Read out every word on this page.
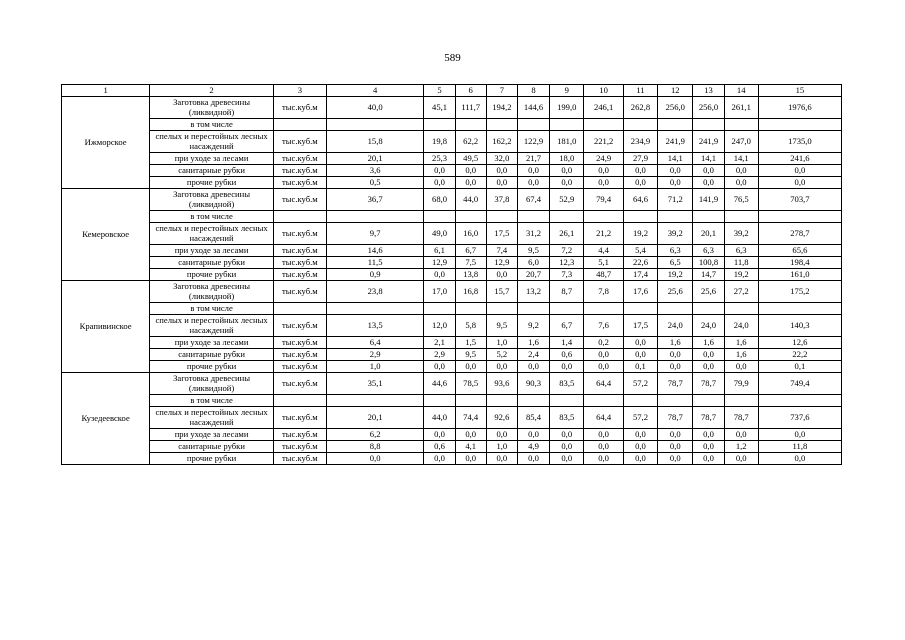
589
1	2	3	4	5	6	7	8	9	10	11	12	13	14	15
Ижморское	Заготовка древесины (ликвидной)	тыс.куб.м	40,0	45,1	111,7	194,2	144,6	199,0	246,1	262,8	256,0	256,0	261,1	1976,6
	в том числе													
	спелых и перестойных лесных насаждений	тыс.куб.м	15,8	19,8	62,2	162,2	122,9	181,0	221,2	234,9	241,9	241,9	247,0	1735,0
	при уходе за лесами	тыс.куб.м	20,1	25,3	49,5	32,0	21,7	18,0	24,9	27,9	14,1	14,1	14,1	241,6
	санитарные рубки	тыс.куб.м	3,6	0,0	0,0	0,0	0,0	0,0	0,0	0,0	0,0	0,0	0,0	0,0
	прочие рубки	тыс.куб.м	0,5	0,0	0,0	0,0	0,0	0,0	0,0	0,0	0,0	0,0	0,0	0,0
Кемеровское	Заготовка древесины (ликвидной)	тыс.куб.м	36,7	68,0	44,0	37,8	67,4	52,9	79,4	64,6	71,2	141,9	76,5	703,7
	в том числе													
	спелых и перестойных лесных насаждений	тыс.куб.м	9,7	49,0	16,0	17,5	31,2	26,1	21,2	19,2	39,2	20,1	39,2	278,7
	при уходе за лесами	тыс.куб.м	14,6	6,1	6,7	7,4	9,5	7,2	4,4	5,4	6,3	6,3	6,3	65,6
	санитарные рубки	тыс.куб.м	11,5	12,9	7,5	12,9	6,0	12,3	5,1	22,6	6,5	100,8	11,8	198,4
	прочие рубки	тыс.куб.м	0,9	0,0	13,8	0,0	20,7	7,3	48,7	17,4	19,2	14,7	19,2	161,0
Крапивинское	Заготовка древесины (ликвидной)	тыс.куб.м	23,8	17,0	16,8	15,7	13,2	8,7	7,8	17,6	25,6	25,6	27,2	175,2
	в том числе													
	спелых и перестойных лесных насаждений	тыс.куб.м	13,5	12,0	5,8	9,5	9,2	6,7	7,6	17,5	24,0	24,0	24,0	140,3
	при уходе за лесами	тыс.куб.м	6,4	2,1	1,5	1,0	1,6	1,4	0,2	0,0	1,6	1,6	1,6	12,6
	санитарные рубки	тыс.куб.м	2,9	2,9	9,5	5,2	2,4	0,6	0,0	0,0	0,0	0,0	1,6	22,2
	прочие рубки	тыс.куб.м	1,0	0,0	0,0	0,0	0,0	0,0	0,0	0,1	0,0	0,0	0,0	0,1
Кузедеевское	Заготовка древесины (ликвидной)	тыс.куб.м	35,1	44,6	78,5	93,6	90,3	83,5	64,4	57,2	78,7	78,7	79,9	749,4
	в том числе													
	спелых и перестойных лесных насаждений	тыс.куб.м	20,1	44,0	74,4	92,6	85,4	83,5	64,4	57,2	78,7	78,7	78,7	737,6
	при уходе за лесами	тыс.куб.м	6,2	0,0	0,0	0,0	0,0	0,0	0,0	0,0	0,0	0,0	0,0	0,0
	санитарные рубки	тыс.куб.м	8,8	0,6	4,1	1,0	4,9	0,0	0,0	0,0	0,0	0,0	1,2	11,8
	прочие рубки	тыс.куб.м	0,0	0,0	0,0	0,0	0,0	0,0	0,0	0,0	0,0	0,0	0,0	0,0
